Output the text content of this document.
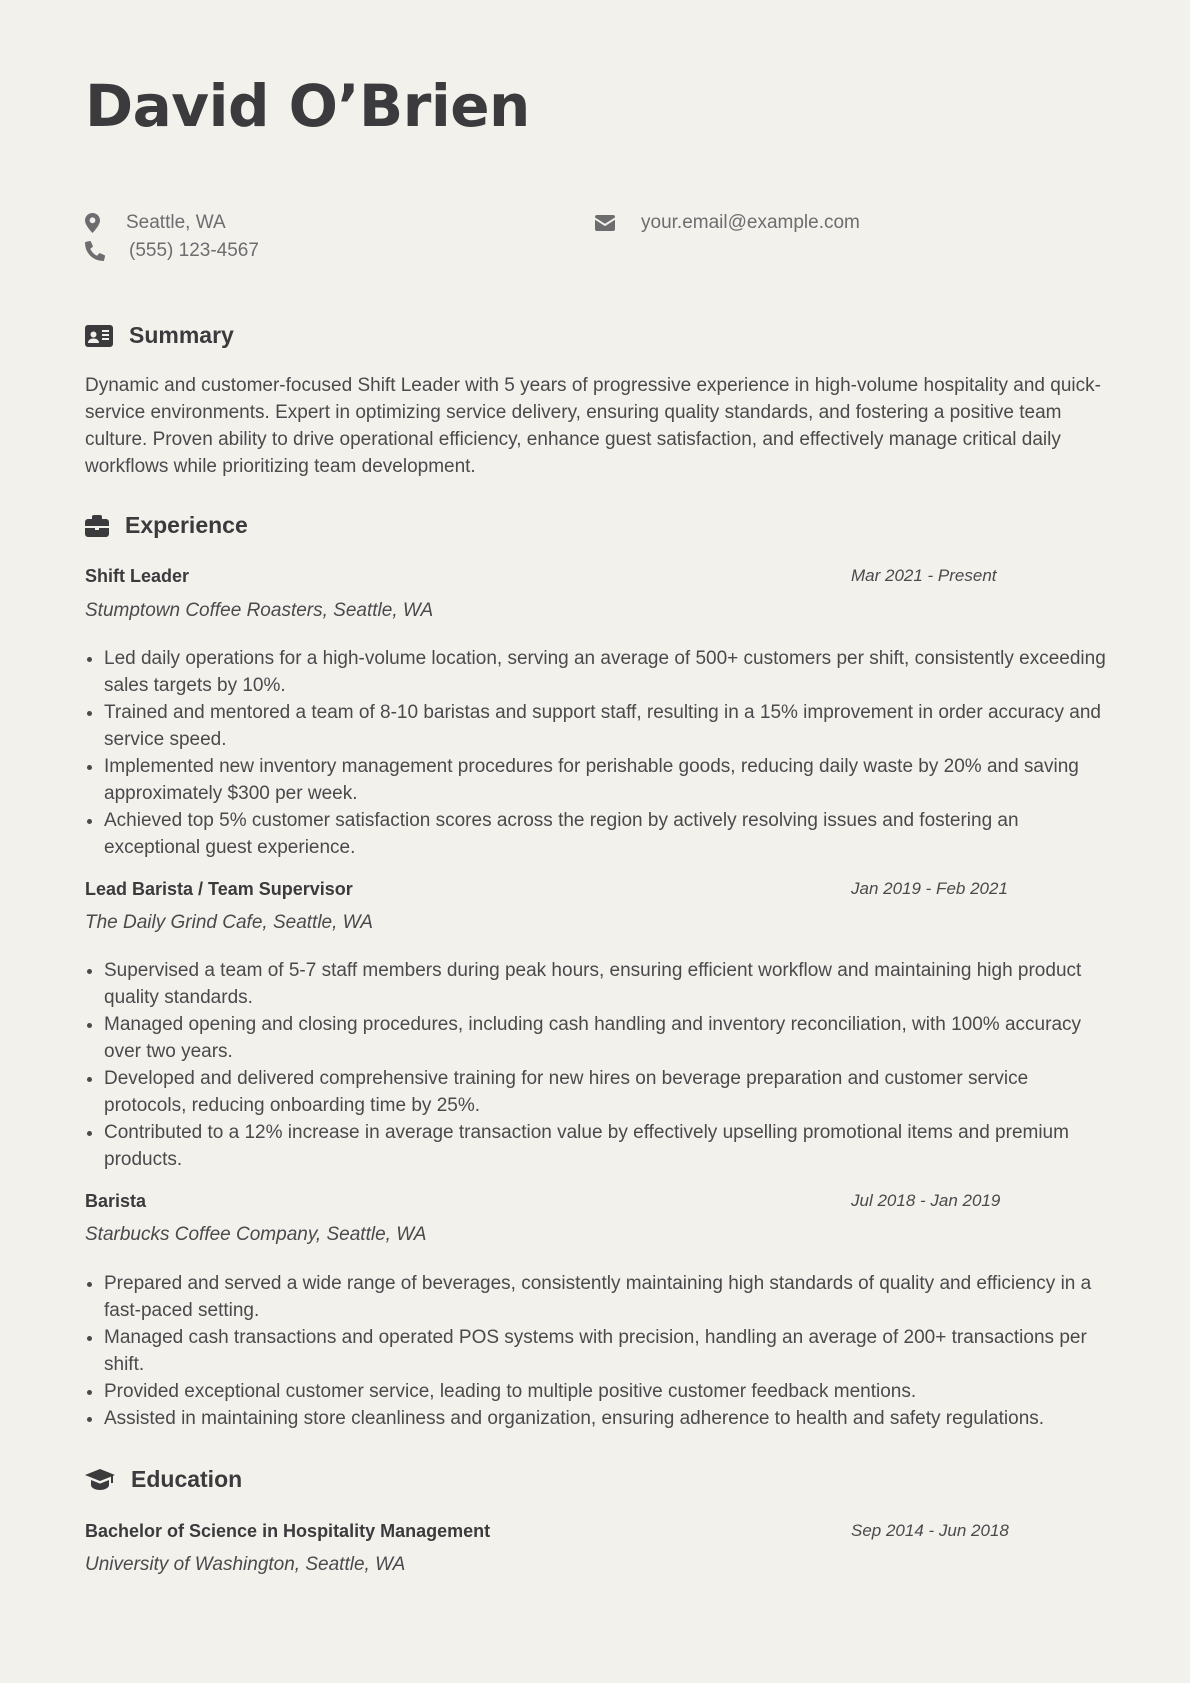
David O’Brien
Seattle, WA
(555) 123-4567
your.email@example.com
Summary

Dynamic and customer-focused Shift Leader with 5 years of progressive experience in high-volume hospitality and quick-service environments. Expert in optimizing service delivery, ensuring quality standards, and fostering a positive team culture. Proven ability to drive operational efficiency, enhance guest satisfaction, and effectively manage critical daily workflows while prioritizing team development.

Experience
Shift Leader	Mar 2021 - Present
Stumptown Coffee Roasters, Seattle, WA
Led daily operations for a high-volume location, serving an average of 500+ customers per shift, consistently exceeding sales targets by 10%.
Trained and mentored a team of 8-10 baristas and support staff, resulting in a 15% improvement in order accuracy and service speed.
Implemented new inventory management procedures for perishable goods, reducing daily waste by 20% and saving approximately $300 per week.
Achieved top 5% customer satisfaction scores across the region by actively resolving issues and fostering an exceptional guest experience.
Lead Barista / Team Supervisor	Jan 2019 - Feb 2021
The Daily Grind Cafe, Seattle, WA
Supervised a team of 5-7 staff members during peak hours, ensuring efficient workflow and maintaining high product quality standards.
Managed opening and closing procedures, including cash handling and inventory reconciliation, with 100% accuracy over two years.
Developed and delivered comprehensive training for new hires on beverage preparation and customer service protocols, reducing onboarding time by 25%.
Contributed to a 12% increase in average transaction value by effectively upselling promotional items and premium products.
Barista	Jul 2018 - Jan 2019
Starbucks Coffee Company, Seattle, WA
Prepared and served a wide range of beverages, consistently maintaining high standards of quality and efficiency in a fast-paced setting.
Managed cash transactions and operated POS systems with precision, handling an average of 200+ transactions per shift.
Provided exceptional customer service, leading to multiple positive customer feedback mentions.
Assisted in maintaining store cleanliness and organization, ensuring adherence to health and safety regulations.
Education
Bachelor of Science in Hospitality Management	Sep 2014 - Jun 2018
University of Washington, Seattle, WA
